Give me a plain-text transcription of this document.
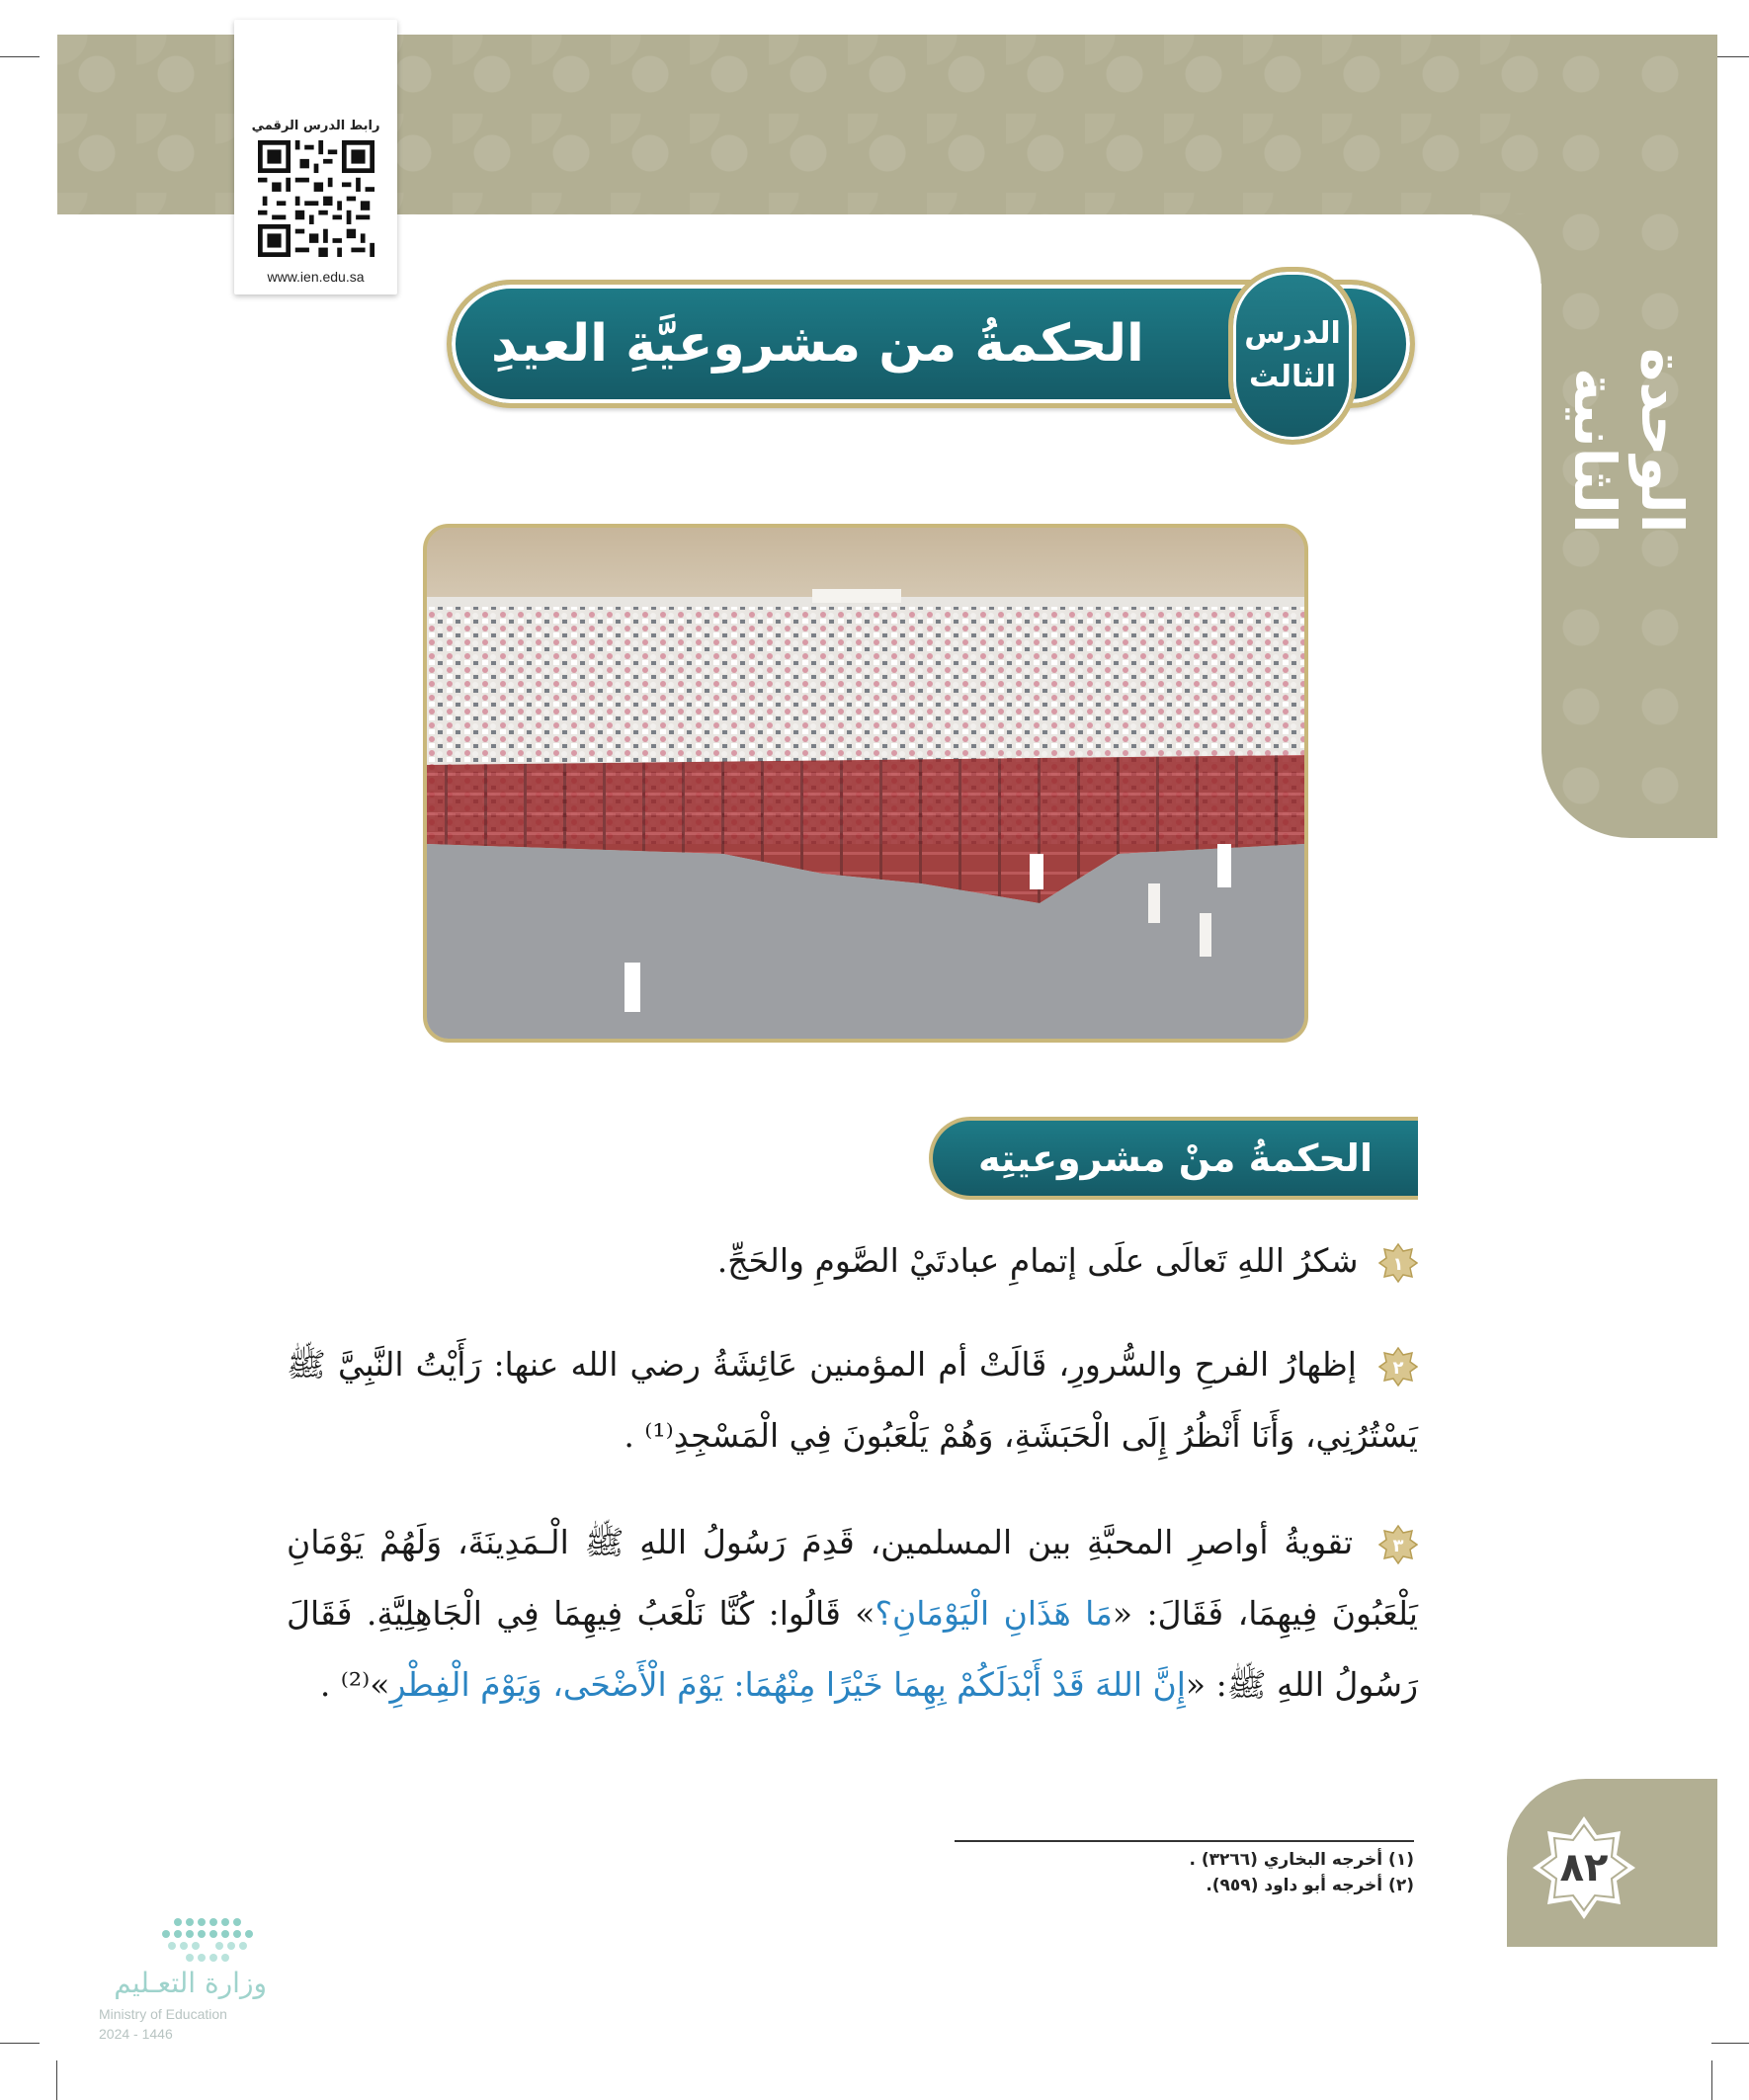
الوحدة الثانية
رابط الدرس الرقمي
www.ien.edu.sa
الحكمةُ من مشروعيَّةِ العيدِ	الدرس
الثالث
الحكمةُ منْ مشروعيتِه
١
شكرُ اللهِ تَعالَى علَى إتمامِ عبادتَيْ الصَّومِ والحَجِّ.
٢
إظهارُ الفرحِ والسُّرورِ، قَالَتْ أم المؤمنين عَائِشَةُ رضي الله عنها: رَأَيْتُ النَّبِيَّ ﷺ يَسْتُرُنِي، وَأَنَا أَنْظُرُ إِلَى الْحَبَشَةِ، وَهُمْ يَلْعَبُونَ فِي الْمَسْجِدِ⁽¹⁾ .
٣
تقويةُ أواصرِ المحبَّةِ بين المسلمين، قَدِمَ رَسُولُ اللهِ ﷺ الْـمَدِينَةَ، وَلَهُمْ يَوْمَانِ يَلْعَبُونَ فِيهِمَا، فَقَالَ: «مَا هَذَانِ الْيَوْمَانِ؟» قَالُوا: كُنَّا نَلْعَبُ فِيهِمَا فِي الْجَاهِلِيَّةِ. فَقَالَ رَسُولُ اللهِ ﷺ: «إِنَّ اللهَ قَدْ أَبْدَلَكُمْ بِهِمَا خَيْرًا مِنْهُمَا: يَوْمَ الْأَضْحَى، وَيَوْمَ الْفِطْرِ»⁽²⁾ .
(١) أخرجه البخاري (٣٢٦٦) .
(٢) أخرجه أبو داود (٩٥٩).	٨٢
وزارة التعـليم
Ministry of Education
2024 - 1446
